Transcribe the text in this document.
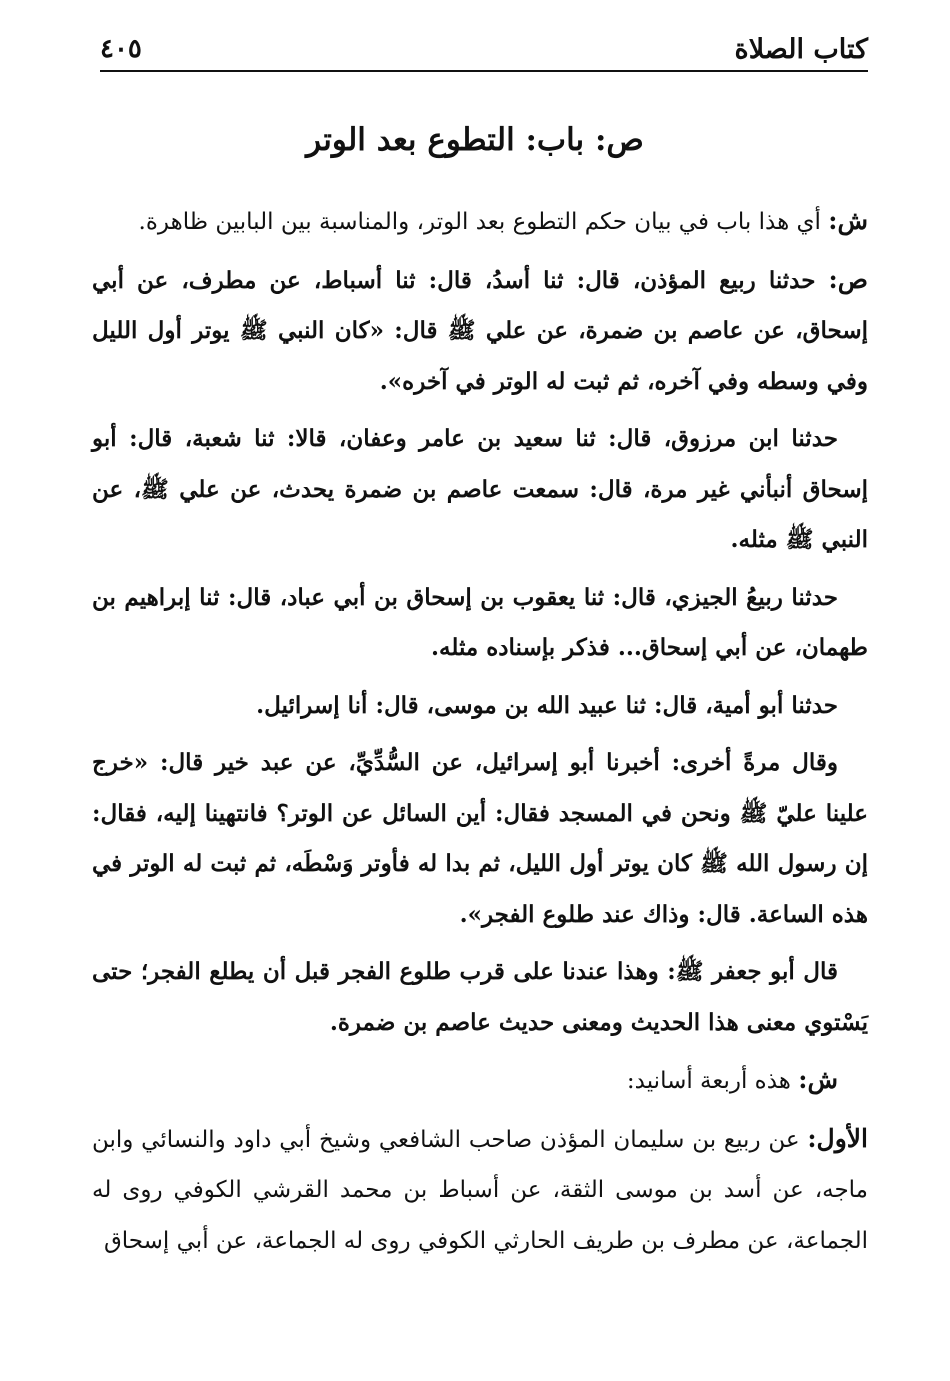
كتاب الصلاة
٤٠٥
ص: باب: التطوع بعد الوتر

ش: أي هذا باب في بيان حكم التطوع بعد الوتر، والمناسبة بين البابين ظاهرة.

ص: حدثنا ربيع المؤذن، قال: ثنا أسدُ، قال: ثنا أسباط، عن مطرف، عن أبي إسحاق، عن عاصم بن ضمرة، عن علي ﷺ قال: «كان النبي ﷺ يوتر أول الليل وفي وسطه وفي آخره، ثم ثبت له الوتر في آخره».

حدثنا ابن مرزوق، قال: ثنا سعيد بن عامر وعفان، قالا: ثنا شعبة، قال: أبو إسحاق أنبأني غير مرة، قال: سمعت عاصم بن ضمرة يحدث، عن علي ﷺ، عن النبي ﷺ مثله.

حدثنا ربيعُ الجيزي، قال: ثنا يعقوب بن إسحاق بن أبي عباد، قال: ثنا إبراهيم بن طهمان، عن أبي إسحاق... فذكر بإسناده مثله.

حدثنا أبو أمية، قال: ثنا عبيد الله بن موسى، قال: أنا إسرائيل.

وقال مرةً أخرى: أخبرنا أبو إسرائيل، عن السُّدِّيِّ، عن عبد خير قال: «خرج علينا عليّ ﷺ ونحن في المسجد فقال: أين السائل عن الوتر؟ فانتهينا إليه، فقال: إن رسول الله ﷺ كان يوتر أول الليل، ثم بدا له فأوتر وَسْطَه، ثم ثبت له الوتر في هذه الساعة. قال: وذاك عند طلوع الفجر».

قال أبو جعفر ﷺ: وهذا عندنا على قرب طلوع الفجر قبل أن يطلع الفجر؛ حتى يَسْتوي معنى هذا الحديث ومعنى حديث عاصم بن ضمرة.

ش: هذه أربعة أسانيد:

الأول: عن ربيع بن سليمان المؤذن صاحب الشافعي وشيخ أبي داود والنسائي وابن ماجه، عن أسد بن موسى الثقة، عن أسباط بن محمد القرشي الكوفي روى له الجماعة، عن مطرف بن طريف الحارثي الكوفي روى له الجماعة، عن أبي إسحاق
